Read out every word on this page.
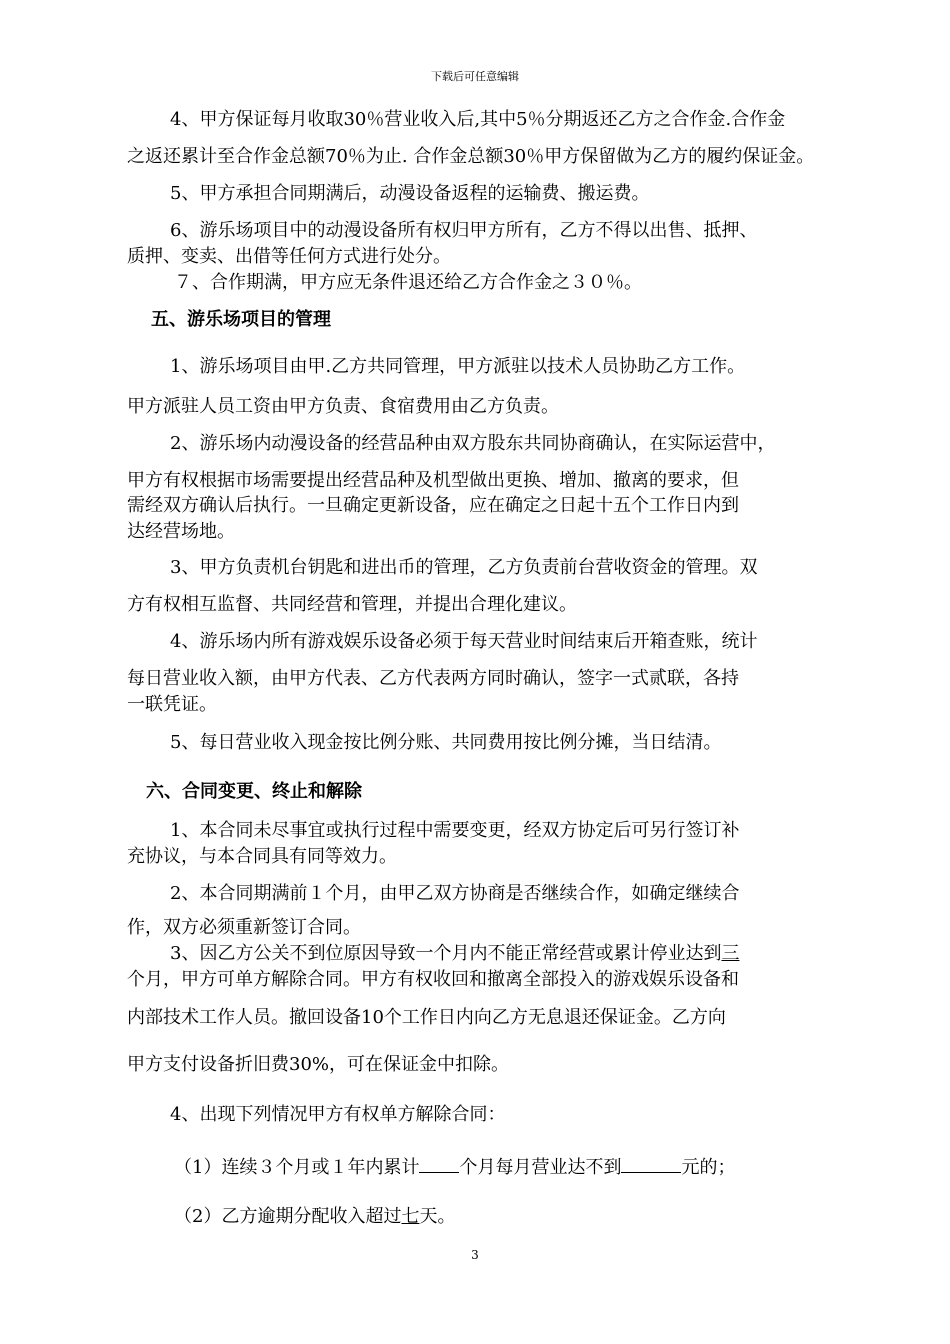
下载后可任意编辑
4、甲方保证每月收取30％营业收入后,其中5％分期返还乙方之合作金.合作金
之返还累计至合作金总额70％为止. 合作金总额30％甲方保留做为乙方的履约保证金。
5、甲方承担合同期满后，动漫设备返程的运输费、搬运费。
6、游乐场项目中的动漫设备所有权归甲方所有，乙方不得以出售、抵押、
质押、变卖、出借等任何方式进行处分。
７、合作期满，甲方应无条件退还给乙方合作金之３０％。
五、游乐场项目的管理
1、游乐场项目由甲.乙方共同管理，甲方派驻以技术人员协助乙方工作。
甲方派驻人员工资由甲方负责、食宿费用由乙方负责。
2、游乐场内动漫设备的经营品种由双方股东共同协商确认，在实际运营中，
甲方有权根据市场需要提出经营品种及机型做出更换、增加、撤离的要求，但
需经双方确认后执行。一旦确定更新设备，应在确定之日起十五个工作日内到
达经营场地。
3、甲方负责机台钥匙和进出币的管理，乙方负责前台营收资金的管理。双
方有权相互监督、共同经营和管理，并提出合理化建议。
4、游乐场内所有游戏娱乐设备必须于每天营业时间结束后开箱查账，统计
每日营业收入额，由甲方代表、乙方代表两方同时确认，签字一式贰联，各持
一联凭证。
5、每日营业收入现金按比例分账、共同费用按比例分摊，当日结清。
六、合同变更、终止和解除
1、本合同未尽事宜或执行过程中需要变更，经双方协定后可另行签订补
充协议，与本合同具有同等效力。
2、本合同期满前１个月，由甲乙双方协商是否继续合作，如确定继续合
作，双方必须重新签订合同。
3、因乙方公关不到位原因导致一个月内不能正常经营或累计停业达到三
个月，甲方可单方解除合同。甲方有权收回和撤离全部投入的游戏娱乐设备和
内部技术工作人员。撤回设备10个工作日内向乙方无息退还保证金。乙方向
甲方支付设备折旧费30%，可在保证金中扣除。
4、出现下列情况甲方有权单方解除合同：
（1）连续３个月或１年内累计 个月每月营业达不到	元的；
（2）乙方逾期分配收入超过七天。
3
